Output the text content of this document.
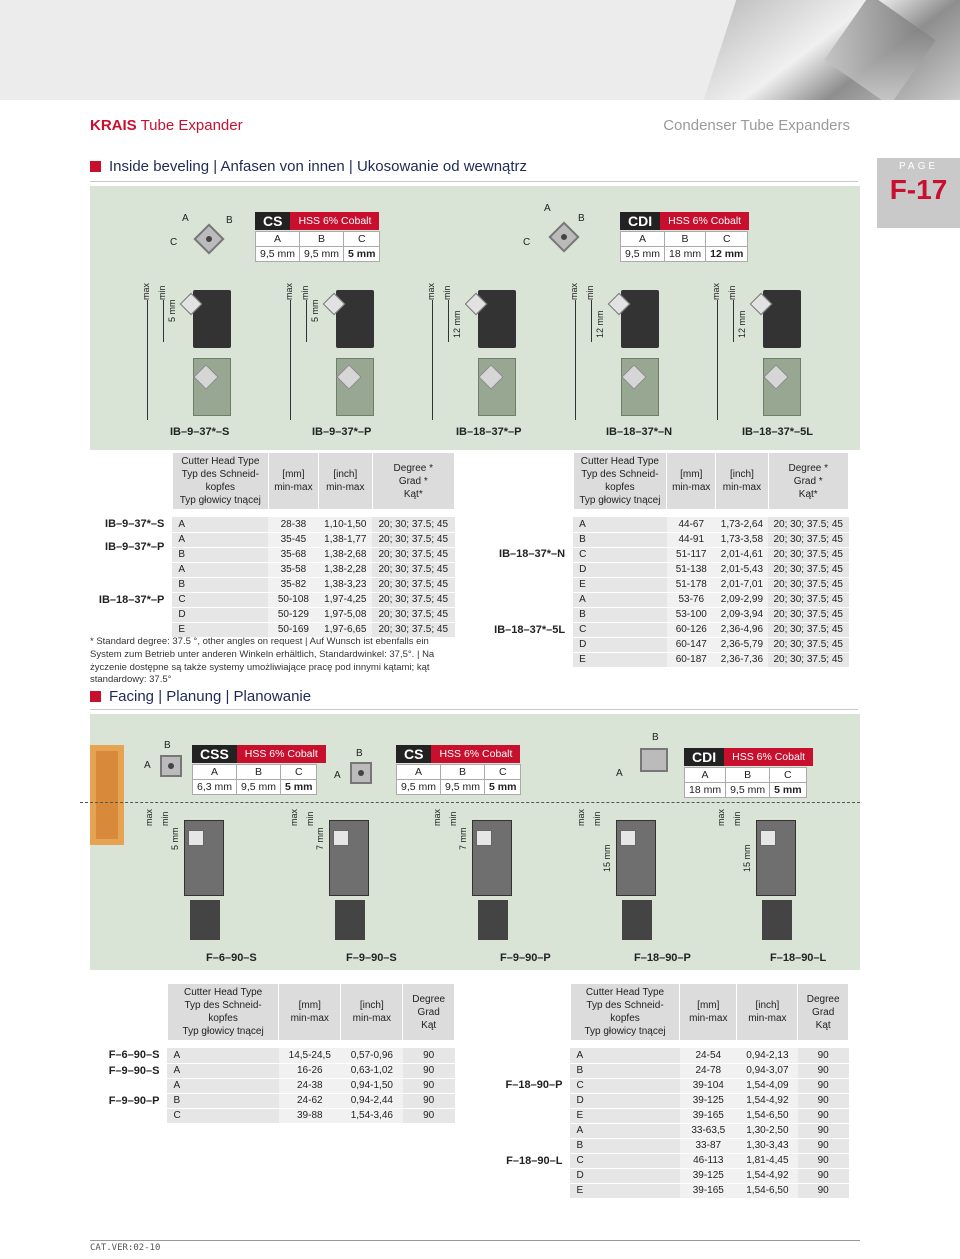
KRAIS Tube Expander	Condenser Tube Expanders
PAGE
F-17
Inside beveling | Anfasen von innen | Ukosowanie od wewnątrz
C
A	B	CS	HSS 6% Cobalt
A	B	C
9,5 mm	9,5 mm	5 mm
C
A
B	CDI	HSS 6% Cobalt
A	B	C
9,5 mm	18 mm	12 mm
max min
5 mm
max min
5 mm
max min
12 mm
max min
12 mm
max min
12 mm
IB–9–37*–S	IB–9–37*–P	IB–18–37*–P	IB–18–37*–N	IB–18–37*–5L
	Cutter Head Type
Typ des Schneid-
kopfes
Typ głowicy tnącej	[mm]
min-max	[inch]
min-max	Degree *
Grad *
Kąt*

IB–9–37*–S	A	28-38	1,10-1,50	20; 30; 37.5; 45
IB–9–37*–P	A	35-45	1,38-1,77	20; 30; 37.5; 45
	B	35-68	1,38-2,68	20; 30; 37.5; 45
IB–18–37*–P	A	35-58	1,38-2,28	20; 30; 37.5; 45
	B	35-82	1,38-3,23	20; 30; 37.5; 45
	C	50-108	1,97-4,25	20; 30; 37.5; 45
	D	50-129	1,97-5,08	20; 30; 37.5; 45
	E	50-169	1,97-6,65	20; 30; 37.5; 45
	Cutter Head Type
Typ des Schneid-
kopfes
Typ głowicy tnącej	[mm]
min-max	[inch]
min-max	Degree *
Grad *
Kąt*

IB–18–37*–N	A	44-67	1,73-2,64	20; 30; 37.5; 45
	B	44-91	1,73-3,58	20; 30; 37.5; 45
	C	51-117	2,01-4,61	20; 30; 37.5; 45
	D	51-138	2,01-5,43	20; 30; 37.5; 45
	E	51-178	2,01-7,01	20; 30; 37.5; 45
IB–18–37*–5L	A	53-76	2,09-2,99	20; 30; 37.5; 45
	B	53-100	2,09-3,94	20; 30; 37.5; 45
	C	60-126	2,36-4,96	20; 30; 37.5; 45
	D	60-147	2,36-5,79	20; 30; 37.5; 45
	E	60-187	2,36-7,36	20; 30; 37.5; 45
* Standard degree: 37.5 °, other angles on request | Auf Wunsch ist ebenfalls ein System zum Betrieb unter anderen Winkeln erhältlich, Standardwinkel: 37,5°. | Na życzenie dostępne są także systemy umożliwiające pracę pod innymi kątami; kąt standardowy: 37.5°
Facing | Planung | Planowanie
A
B
CSS	HSS 6% Cobalt
A	B	C
6,3 mm	9,5 mm	5 mm
A
B	CS	HSS 6% Cobalt
A	B	C
9,5 mm	9,5 mm	5 mm
A
B
CDI	HSS 6% Cobalt
A	B	C
18 mm	9,5 mm	5 mm
max min
5 mm
max min
7 mm
max min
7 mm
max min
15 mm
max min
15 mm
F–6–90–S	F–9–90–S	F–9–90–P	F–18–90–P	F–18–90–L
	Cutter Head Type
Typ des Schneid-
kopfes
Typ głowicy tnącej	[mm]
min-max	[inch]
min-max	Degree
Grad
Kąt

F–6–90–S	A	14,5-24,5	0,57-0,96	90
F–9–90–S	A	16-26	0,63-1,02	90
F–9–90–P	A	24-38	0,94-1,50	90
	B	24-62	0,94-2,44	90
	C	39-88	1,54-3,46	90
	Cutter Head Type
Typ des Schneid-
kopfes
Typ głowicy tnącej	[mm]
min-max	[inch]
min-max	Degree
Grad
Kąt

F–18–90–P	A	24-54	0,94-2,13	90
	B	24-78	0,94-3,07	90
	C	39-104	1,54-4,09	90
	D	39-125	1,54-4,92	90
	E	39-165	1,54-6,50	90
F–18–90–L	A	33-63,5	1,30-2,50	90
	B	33-87	1,30-3,43	90
	C	46-113	1,81-4,45	90
	D	39-125	1,54-4,92	90
	E	39-165	1,54-6,50	90
CAT.VER:02-10
